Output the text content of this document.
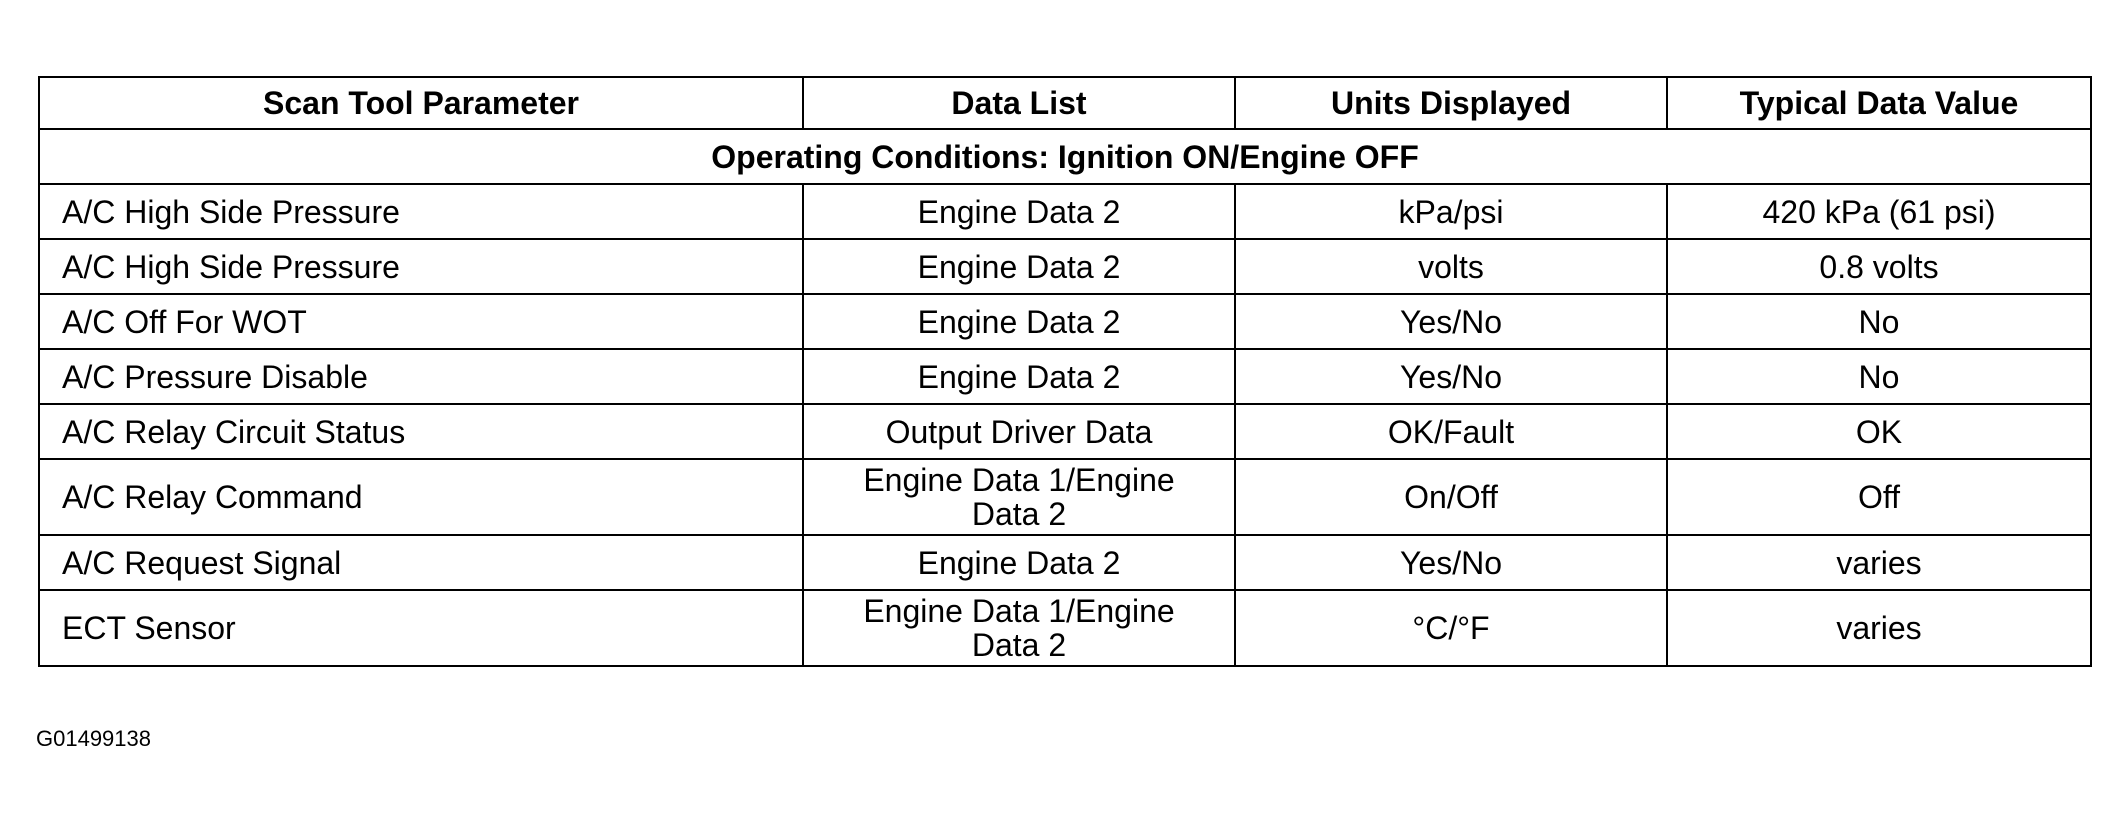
Scan Tool Parameter	Data List	Units Displayed	Typical Data Value
Operating Conditions: Ignition ON/Engine OFF			
A/C High Side Pressure	Engine Data 2	kPa/psi	420 kPa (61 psi)
A/C High Side Pressure	Engine Data 2	volts	0.8 volts
A/C Off For WOT	Engine Data 2	Yes/No	No
A/C Pressure Disable	Engine Data 2	Yes/No	No
A/C Relay Circuit Status	Output Driver Data	OK/Fault	OK
A/C Relay Command	Engine Data 1/Engine Data 2	On/Off	Off
A/C Request Signal	Engine Data 2	Yes/No	varies
ECT Sensor	Engine Data 1/Engine Data 2	°C/°F	varies
G01499138
